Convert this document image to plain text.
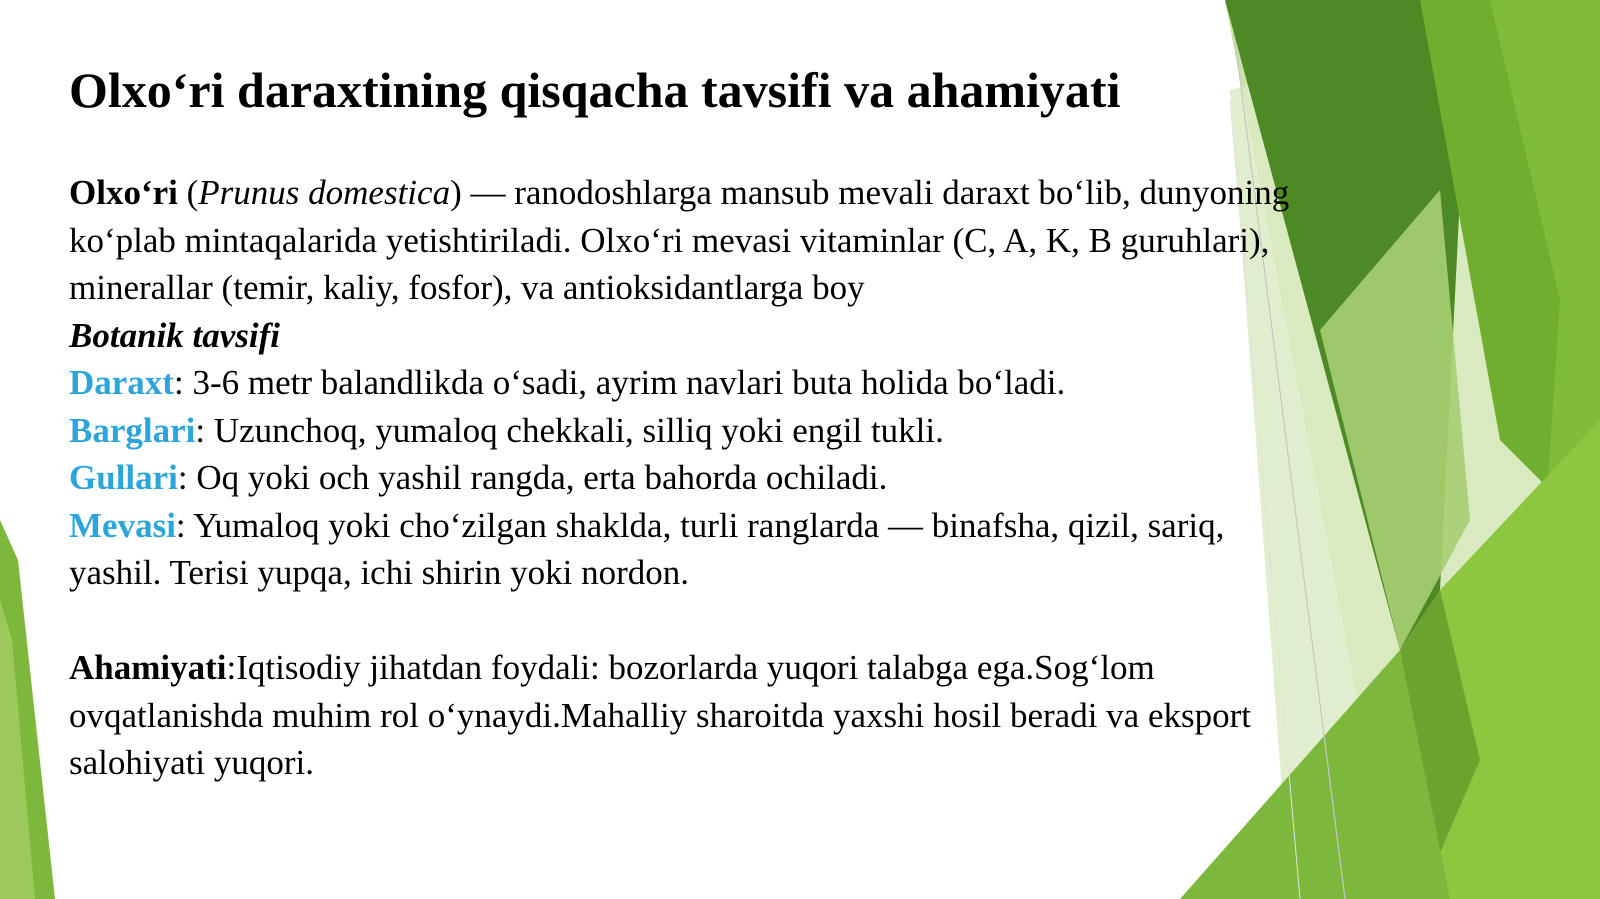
Olxo‘ri daraxtining qisqacha tavsifi va ahamiyati

Olxo‘ri (Prunus domestica) — ranodoshlarga mansub mevali daraxt bo‘lib, dunyoning ko‘plab mintaqalarida yetishtiriladi. Olxo‘ri mevasi vitaminlar (C, A, K, B guruhlari), minerallar (temir, kaliy, fosfor), va antioksidantlarga boy

Botanik tavsifi

Daraxt: 3-6 metr balandlikda o‘sadi, ayrim navlari buta holida bo‘ladi.

Barglari: Uzunchoq, yumaloq chekkali, silliq yoki engil tukli.

Gullari: Oq yoki och yashil rangda, erta bahorda ochiladi.

Mevasi: Yumaloq yoki cho‘zilgan shaklda, turli ranglarda — binafsha, qizil, sariq, yashil. Terisi yupqa, ichi shirin yoki nordon.

Ahamiyati:Iqtisodiy jihatdan foydali: bozorlarda yuqori talabga ega.Sog‘lom ovqatlanishda muhim rol o‘ynaydi.Mahalliy sharoitda yaxshi hosil beradi va eksport salohiyati yuqori.
